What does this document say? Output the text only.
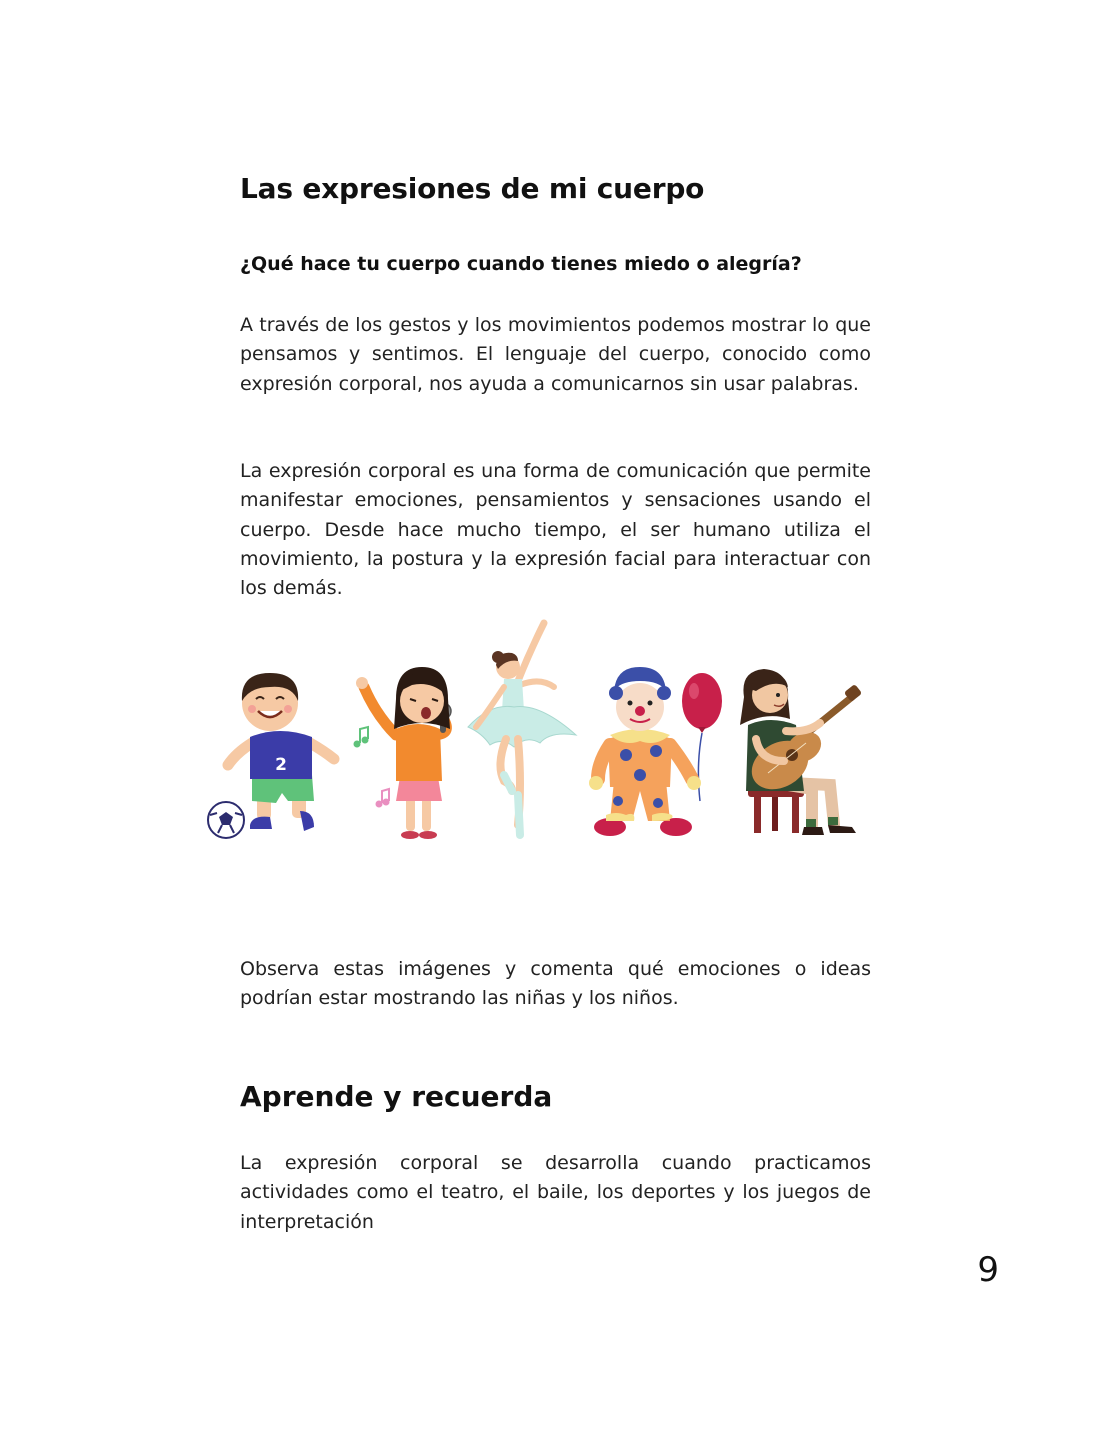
Las expresiones de mi cuerpo
¿Qué hace tu cuerpo cuando tienes miedo o alegría?
A través de los gestos y los movimientos podemos mostrar lo que pensamos y sentimos. El lenguaje del cuerpo, conocido como expresión corporal, nos ayuda a comunicarnos sin usar palabras.
La expresión corporal es una forma de comunicación que permite manifestar emociones, pensamientos y sensaciones usando el cuerpo. Desde hace mucho tiempo, el ser humano utiliza el movimiento, la postura y la expresión facial para interactuar con los demás.
2
Observa estas imágenes y comenta qué emociones o ideas podrían estar mostrando las niñas y los niños.
Aprende y recuerda
La expresión corporal se desarrolla cuando practicamos actividades como el teatro, el baile, los deportes y los juegos de interpretación
9
